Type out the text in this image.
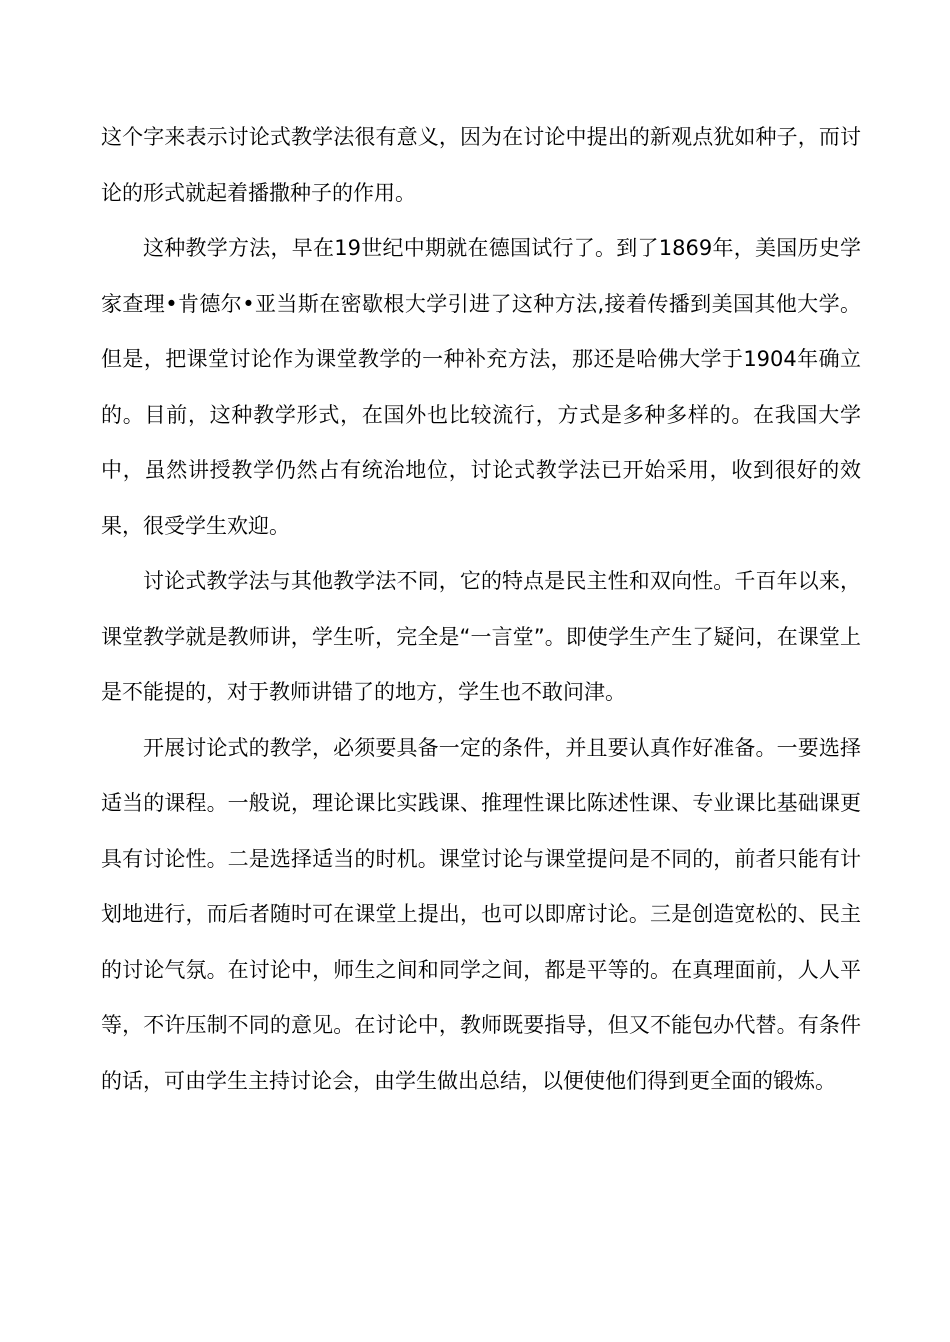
这个字来表示讨论式教学法很有意义，因为在讨论中提出的新观点犹如种子，而讨论的形式就起着播撒种子的作用。

这种教学方法，早在19世纪中期就在德国试行了。到了1869年，美国历史学家查理•肯德尔•亚当斯在密歇根大学引进了这种方法,接着传播到美国其他大学。但是，把课堂讨论作为课堂教学的一种补充方法，那还是哈佛大学于1904年确立的。目前，这种教学形式，在国外也比较流行，方式是多种多样的。在我国大学中，虽然讲授教学仍然占有统治地位，讨论式教学法已开始采用，收到很好的效果，很受学生欢迎。

讨论式教学法与其他教学法不同，它的特点是民主性和双向性。千百年以来，课堂教学就是教师讲，学生听，完全是“一言堂”。即使学生产生了疑问，在课堂上是不能提的，对于教师讲错了的地方，学生也不敢问津。

开展讨论式的教学，必须要具备一定的条件，并且要认真作好准备。一要选择适当的课程。一般说，理论课比实践课、推理性课比陈述性课、专业课比基础课更具有讨论性。二是选择适当的时机。课堂讨论与课堂提问是不同的，前者只能有计划地进行，而后者随时可在课堂上提出，也可以即席讨论。三是创造宽松的、民主的讨论气氛。在讨论中，师生之间和同学之间，都是平等的。在真理面前，人人平等，不许压制不同的意见。在讨论中，教师既要指导，但又不能包办代替。有条件的话，可由学生主持讨论会，由学生做出总结，以便使他们得到更全面的锻炼。
